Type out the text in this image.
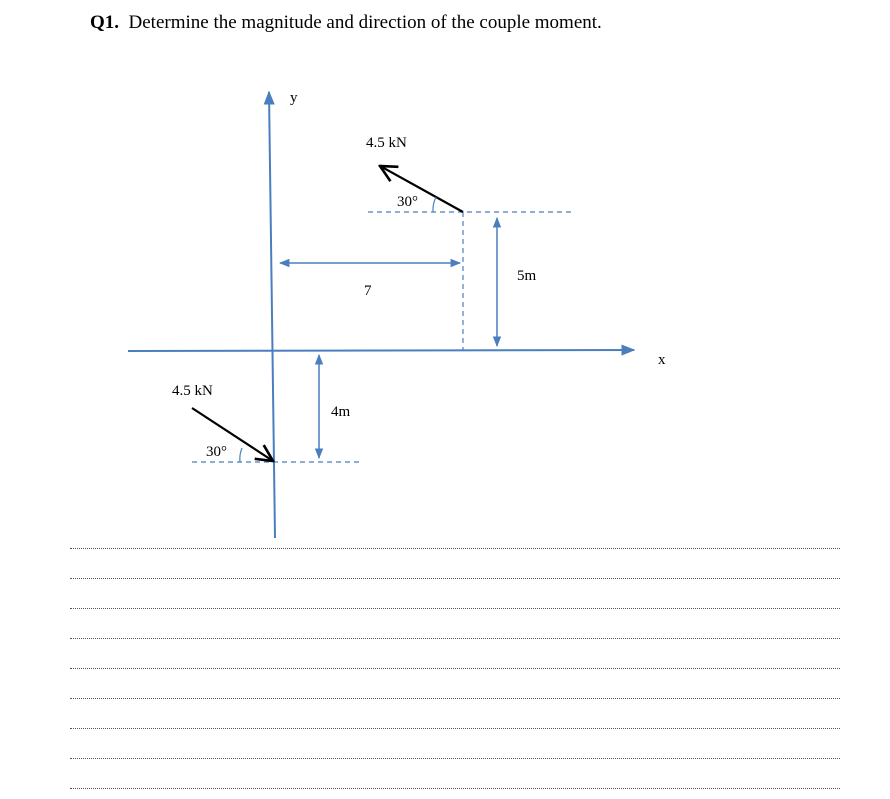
Q1. Determine the magnitude and direction of the couple moment.
y
x
4.5 kN
30°
7
5m
4m
4.5 kN
30°
